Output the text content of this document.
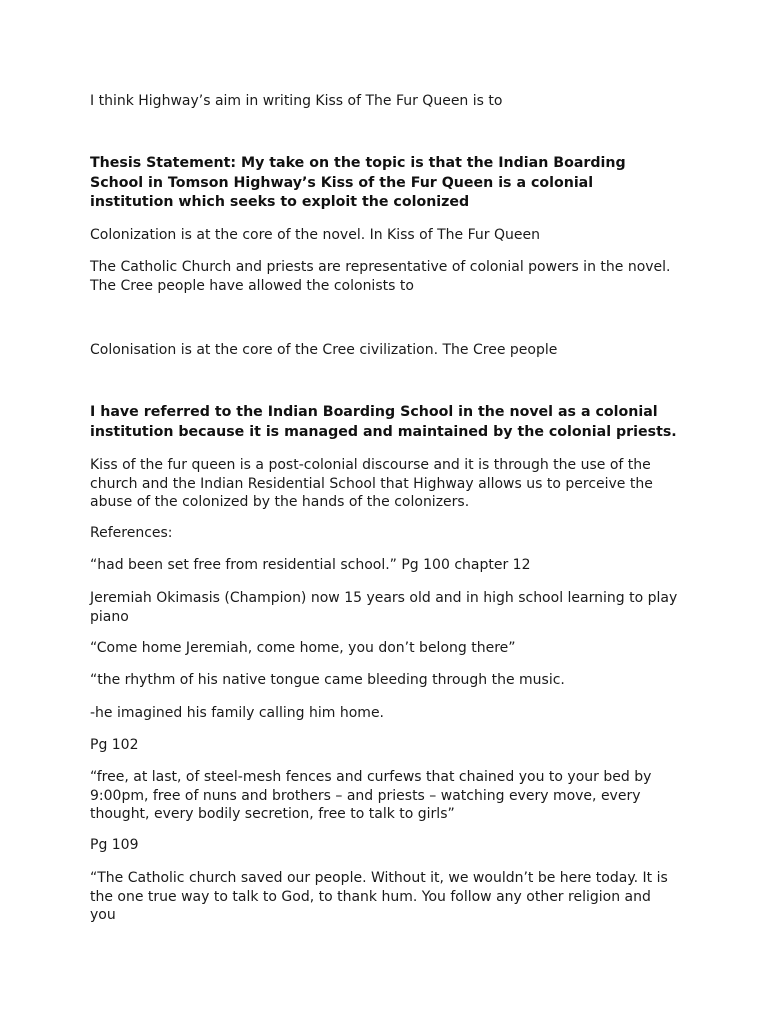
I think Highway’s aim in writing Kiss of The Fur Queen is to

Thesis Statement: My take on the topic is that the Indian Boarding School in Tomson Highway’s Kiss of the Fur Queen is a colonial institution which seeks to exploit the colonized

Colonization is at the core of the novel. In Kiss of The Fur Queen

The Catholic Church and priests are representative of colonial powers in the novel. The Cree people have allowed the colonists to

Colonisation is at the core of the Cree civilization. The Cree people

I have referred to the Indian Boarding School in the novel as a colonial institution because it is managed and maintained by the colonial priests.

Kiss of the fur queen is a post-colonial discourse and it is through the use of the church and the Indian Residential School that Highway allows us to perceive the abuse of the colonized by the hands of the colonizers.

References:

“had been set free from residential school.” Pg 100 chapter 12

Jeremiah Okimasis (Champion) now 15 years old and in high school learning to play piano

“Come home Jeremiah, come home, you don’t belong there”

“the rhythm of his native tongue came bleeding through the music.

-he imagined his family calling him home.

Pg 102

“free, at last, of steel-mesh fences and curfews that chained you to your bed by 9:00pm, free of nuns and brothers – and priests – watching every move, every thought, every bodily secretion, free to talk to girls”

Pg 109

“The Catholic church saved our people. Without it, we wouldn’t be here today. It is the one true way to talk to God, to thank hum. You follow any other religion and you
